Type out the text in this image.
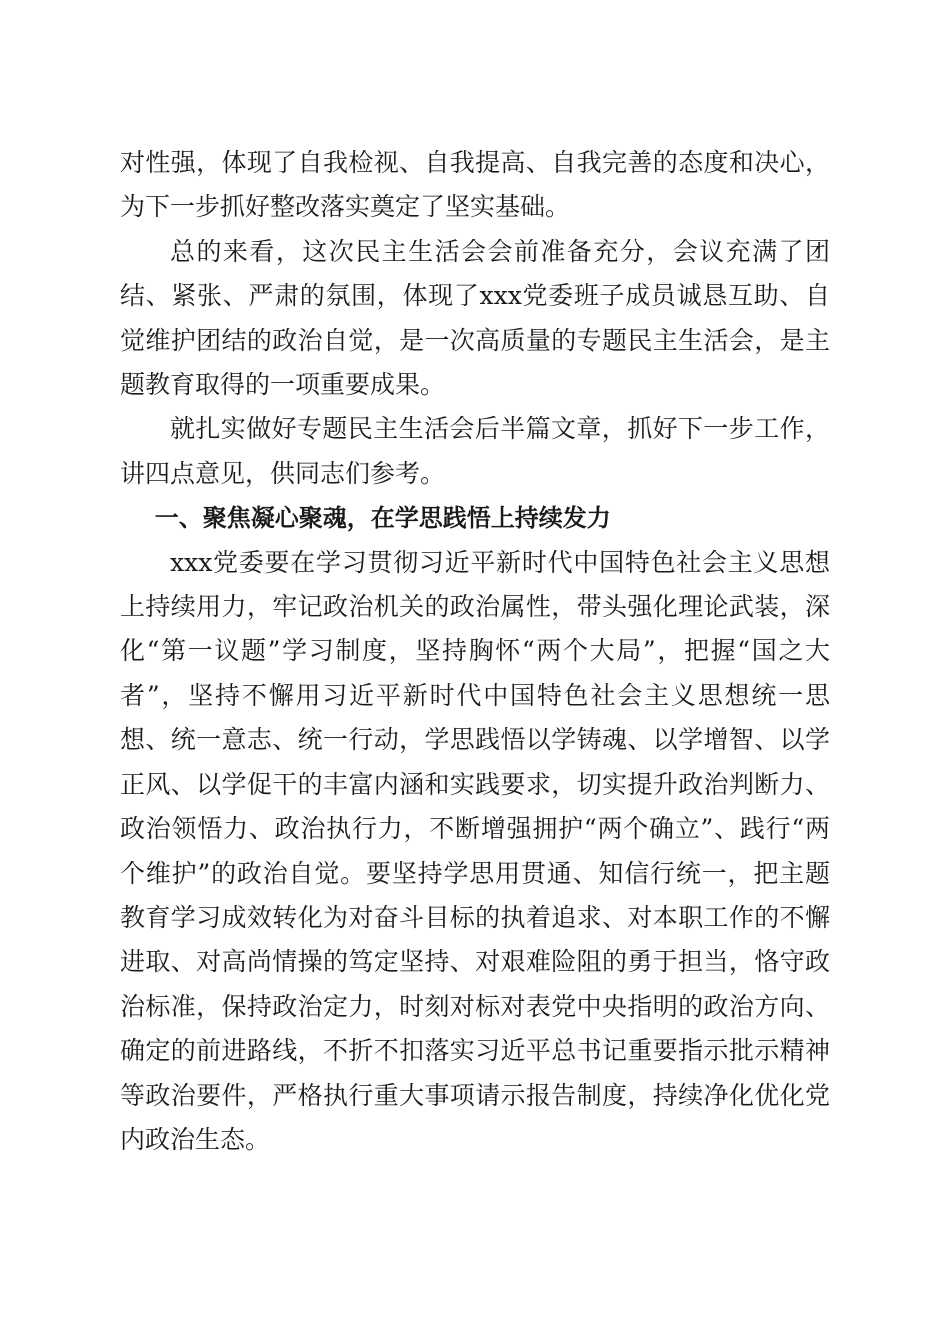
对性强，体现了自我检视、自我提高、自我完善的态度和决心，为下一步抓好整改落实奠定了坚实基础。

总的来看，这次民主生活会会前准备充分，会议充满了团结、紧张、严肃的氛围，体现了xxx党委班子成员诚恳互助、自觉维护团结的政治自觉，是一次高质量的专题民主生活会，是主题教育取得的一项重要成果。

就扎实做好专题民主生活会后半篇文章，抓好下一步工作，讲四点意见，供同志们参考。

一、聚焦凝心聚魂，在学思践悟上持续发力

xxx党委要在学习贯彻习近平新时代中国特色社会主义思想上持续用力，牢记政治机关的政治属性，带头强化理论武装，深化“第一议题”学习制度，坚持胸怀“两个大局”，把握“国之大者”，坚持不懈用习近平新时代中国特色社会主义思想统一思想、统一意志、统一行动，学思践悟以学铸魂、以学增智、以学正风、以学促干的丰富内涵和实践要求，切实提升政治判断力、政治领悟力、政治执行力，不断增强拥护“两个确立”、践行“两个维护”的政治自觉。要坚持学思用贯通、知信行统一，把主题教育学习成效转化为对奋斗目标的执着追求、对本职工作的不懈进取、对高尚情操的笃定坚持、对艰难险阻的勇于担当，恪守政治标准，保持政治定力，时刻对标对表党中央指明的政治方向、确定的前进路线，不折不扣落实习近平总书记重要指示批示精神等政治要件，严格执行重大事项请示报告制度，持续净化优化党内政治生态。
